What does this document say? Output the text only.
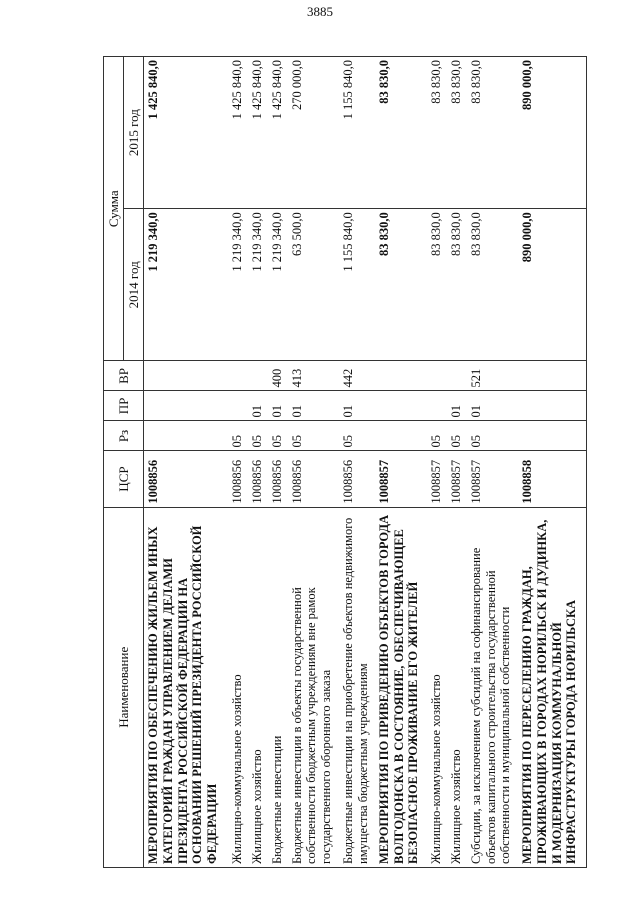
3885
Наименование	ЦСР	Рз	ПР	ВР	Сумма	
					2014 год	2015 год
МЕРОПРИЯТИЯ ПО ОБЕСПЕЧЕНИЮ ЖИЛЬЕМ ИНЫХ КАТЕГОРИЙ ГРАЖДАН УПРАВЛЕНИЕМ ДЕЛАМИ ПРЕЗИДЕНТА РОССИЙСКОЙ ФЕДЕРАЦИИ НА ОСНОВАНИИ РЕШЕНИЙ ПРЕЗИДЕНТА РОССИЙСКОЙ ФЕДЕРАЦИИ	1008856				1 219 340,0	1 425 840,0
Жилищно-коммунальное хозяйство	1008856	05			1 219 340,0	1 425 840,0
Жилищное хозяйство	1008856	05	01		1 219 340,0	1 425 840,0
Бюджетные инвестиции	1008856	05	01	400	1 219 340,0	1 425 840,0
Бюджетные инвестиции в объекты государственной собственности бюджетным учреждениям вне рамок государственного оборонного заказа	1008856	05	01	413	63 500,0	270 000,0
Бюджетные инвестиции на приобретение объектов недвижимого имущества бюджетным учреждениям	1008856	05	01	442	1 155 840,0	1 155 840,0
МЕРОПРИЯТИЯ ПО ПРИВЕДЕНИЮ ОБЪЕКТОВ ГОРОДА ВОЛГОДОНСКА В СОСТОЯНИЕ, ОБЕСПЕЧИВАЮЩЕЕ БЕЗОПАСНОЕ ПРОЖИВАНИЕ ЕГО ЖИТЕЛЕЙ	1008857				83 830,0	83 830,0
Жилищно-коммунальное хозяйство	1008857	05			83 830,0	83 830,0
Жилищное хозяйство	1008857	05	01		83 830,0	83 830,0
Субсидии, за исключением субсидий на софинансирование объектов капитального строительства государственной собственности и муниципальной собственности	1008857	05	01	521	83 830,0	83 830,0
МЕРОПРИЯТИЯ ПО ПЕРЕСЕЛЕНИЮ ГРАЖДАН, ПРОЖИВАЮЩИХ В ГОРОДАХ НОРИЛЬСК И ДУДИНКА, И МОДЕРНИЗАЦИЯ КОММУНАЛЬНОЙ ИНФРАСТРУКТУРЫ ГОРОДА НОРИЛЬСКА	1008858				890 000,0	890 000,0
